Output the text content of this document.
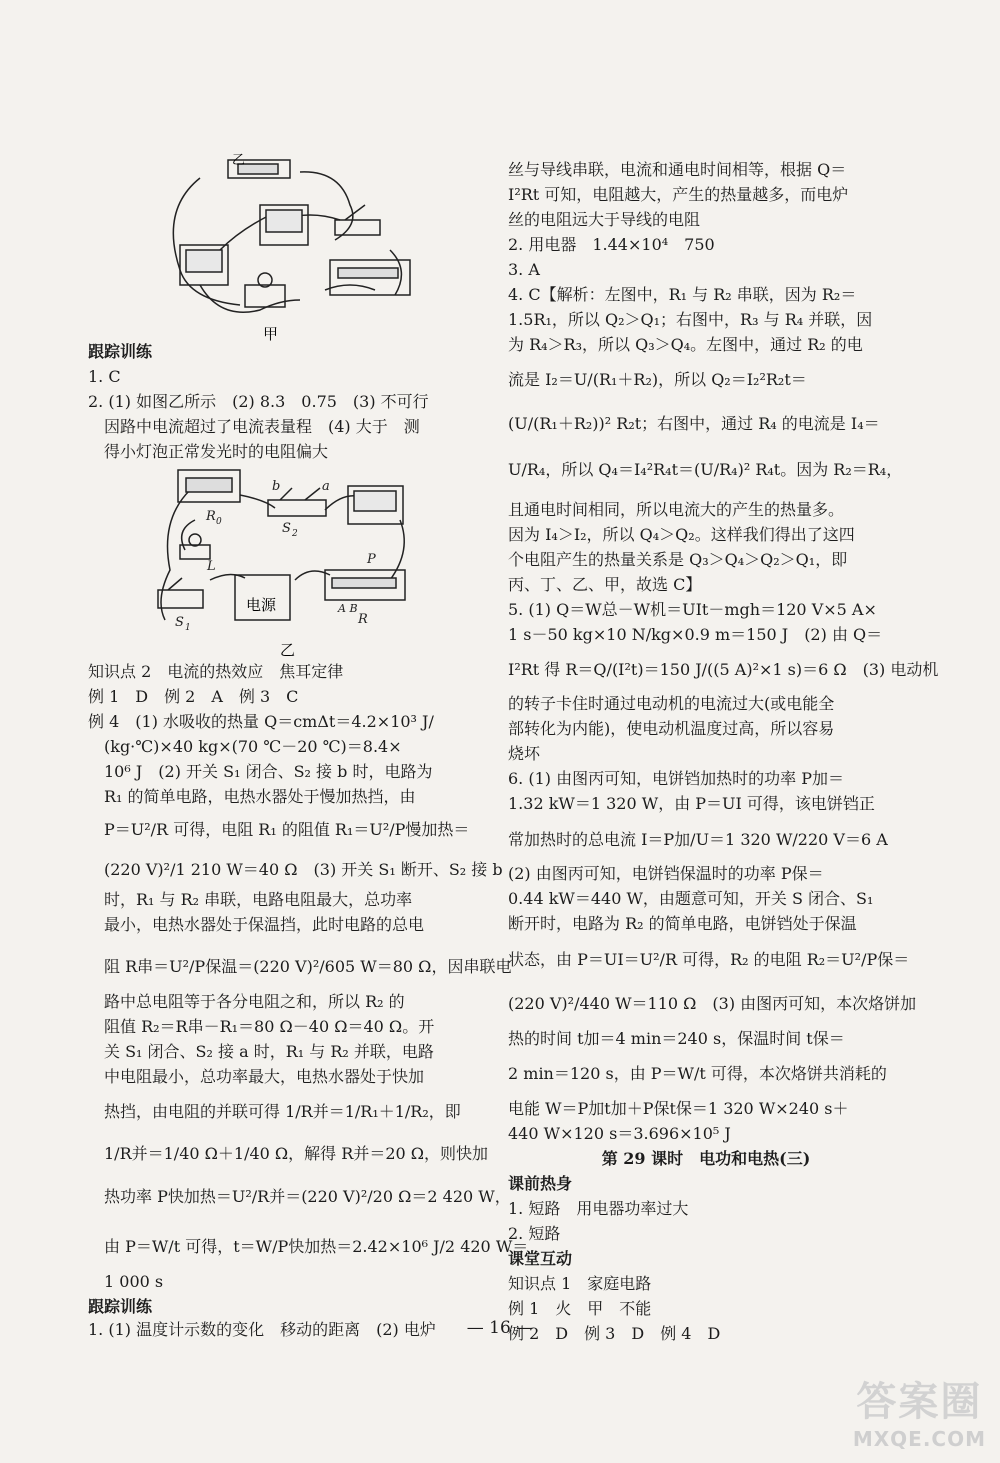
乙
甲
R 0
b	a
S 2
L	P
A B
R
S 1
电源
乙
跟踪训练
1. C
2. (1) 如图乙所示　(2) 8.3　0.75　(3) 不可行
　因路中电流超过了电流表量程　(4) 大于　测
　得小灯泡正常发光时的电阻偏大
知识点 2　电流的热效应　焦耳定律
例 1　D　例 2　A　例 3　C
例 4　(1) 水吸收的热量 Q＝cmΔt＝4.2×10³ J/
　(kg·℃)×40 kg×(70 ℃－20 ℃)＝8.4×
　10⁶ J　(2) 开关 S₁ 闭合、S₂ 接 b 时，电路为
　R₁ 的简单电路，电热水器处于慢加热挡，由
　P＝U²/R 可得，电阻 R₁ 的阻值 R₁＝U²/P慢加热＝
　(220 V)²/1 210 W＝40 Ω　(3) 开关 S₁ 断开、S₂ 接 b
　时，R₁ 与 R₂ 串联，电路电阻最大，总功率
　最小，电热水器处于保温挡，此时电路的总电
　阻 R串＝U²/P保温＝(220 V)²/605 W＝80 Ω，因串联电
　路中总电阻等于各分电阻之和，所以 R₂ 的
　阻值 R₂＝R串－R₁＝80 Ω－40 Ω＝40 Ω。开
　关 S₁ 闭合、S₂ 接 a 时，R₁ 与 R₂ 并联，电路
　中电阻最小，总功率最大，电热水器处于快加
　热挡，由电阻的并联可得 1/R并＝1/R₁＋1/R₂，即
　1/R并＝1/40 Ω＋1/40 Ω，解得 R并＝20 Ω，则快加
　热功率 P快加热＝U²/R并＝(220 V)²/20 Ω＝2 420 W，
　由 P＝W/t 可得，t＝W/P快加热＝2.42×10⁶ J/2 420 W＝
　1 000 s
跟踪训练
1. (1) 温度计示数的变化　移动的距离　(2) 电炉
丝与导线串联，电流和通电时间相等，根据 Q＝
I²Rt 可知，电阻越大，产生的热量越多，而电炉
丝的电阻远大于导线的电阻
2. 用电器　1.44×10⁴　750
3. A
4. C【解析：左图中，R₁ 与 R₂ 串联，因为 R₂＝
1.5R₁，所以 Q₂＞Q₁；右图中，R₃ 与 R₄ 并联，因
为 R₄＞R₃，所以 Q₃＞Q₄。左图中，通过 R₂ 的电
流是 I₂＝U/(R₁＋R₂)，所以 Q₂＝I₂²R₂t＝
(U/(R₁＋R₂))² R₂t；右图中，通过 R₄ 的电流是 I₄＝
U/R₄，所以 Q₄＝I₄²R₄t＝(U/R₄)² R₄t。因为 R₂＝R₄，
且通电时间相同，所以电流大的产生的热量多。
因为 I₄＞I₂，所以 Q₄＞Q₂。这样我们得出了这四
个电阻产生的热量关系是 Q₃＞Q₄＞Q₂＞Q₁，即
丙、丁、乙、甲，故选 C】
5. (1) Q＝W总－W机＝UIt－mgh＝120 V×5 A×
1 s－50 kg×10 N/kg×0.9 m＝150 J　(2) 由 Q＝
I²Rt 得 R＝Q/(I²t)＝150 J/((5 A)²×1 s)＝6 Ω　(3) 电动机
的转子卡住时通过电动机的电流过大(或电能全
部转化为内能)，使电动机温度过高，所以容易
烧坏
6. (1) 由图丙可知，电饼铛加热时的功率 P加＝
1.32 kW＝1 320 W，由 P＝UI 可得，该电饼铛正
常加热时的总电流 I＝P加/U＝1 320 W/220 V＝6 A
(2) 由图丙可知，电饼铛保温时的功率 P保＝
0.44 kW＝440 W，由题意可知，开关 S 闭合、S₁
断开时，电路为 R₂ 的简单电路，电饼铛处于保温
状态，由 P＝UI＝U²/R 可得，R₂ 的电阻 R₂＝U²/P保＝
(220 V)²/440 W＝110 Ω　(3) 由图丙可知，本次烙饼加
热的时间 t加＝4 min＝240 s，保温时间 t保＝
2 min＝120 s，由 P＝W/t 可得，本次烙饼共消耗的
电能 W＝P加t加＋P保t保＝1 320 W×240 s＋
440 W×120 s＝3.696×10⁵ J
第 29 课时　电功和电热(三)
课前热身
1. 短路　用电器功率过大
2. 短路
课堂互动
知识点 1　家庭电路
例 1　火　甲　不能
例 2　D　例 3　D　例 4　D
— 16 —
答案圈
MXQE.COM
